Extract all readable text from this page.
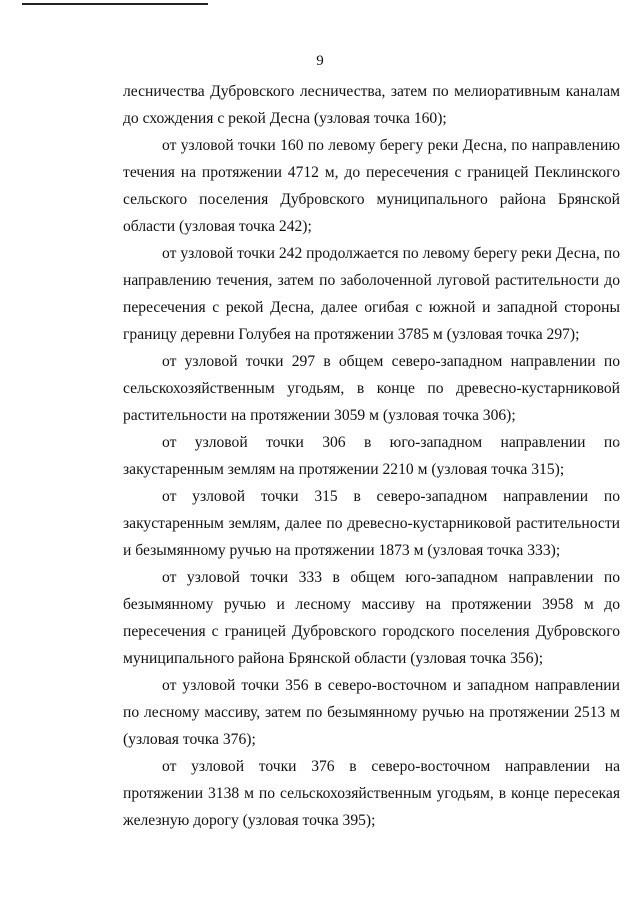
9

лесничества Дубровского лесничества, затем по мелиоративным каналам до схождения с рекой Десна (узловая точка 160);

от узловой точки 160 по левому берегу реки Десна, по направлению течения на протяжении 4712 м, до пересечения с границей Пеклинского сельского поселения Дубровского муниципального района Брянской области (узловая точка 242);

от узловой точки 242 продолжается по левому берегу реки Десна, по направлению течения, затем по заболоченной луговой растительности до пересечения с рекой Десна, далее огибая с южной и западной стороны границу деревни Голубея на протяжении 3785 м (узловая точка 297);

от узловой точки 297 в общем северо-западном направлении по сельскохозяйственным угодьям, в конце по древесно-кустарниковой растительности на протяжении 3059 м (узловая точка 306);

от узловой точки 306 в юго-западном направлении по закустаренным землям на протяжении 2210 м (узловая точка 315);

от узловой точки 315 в северо-западном направлении по закустаренным землям, далее по древесно-кустарниковой растительности и безымянному ручью на протяжении 1873 м (узловая точка 333);

от узловой точки 333 в общем юго-западном направлении по безымянному ручью и лесному массиву на протяжении 3958 м до пересечения с границей Дубровского городского поселения Дубровского муниципального района Брянской области (узловая точка 356);

от узловой точки 356 в северо-восточном и западном направлении по лесному массиву, затем по безымянному ручью на протяжении 2513 м (узловая точка 376);

от узловой точки 376 в северо-восточном направлении на протяжении 3138 м по сельскохозяйственным угодьям, в конце пересекая железную дорогу (узловая точка 395);
